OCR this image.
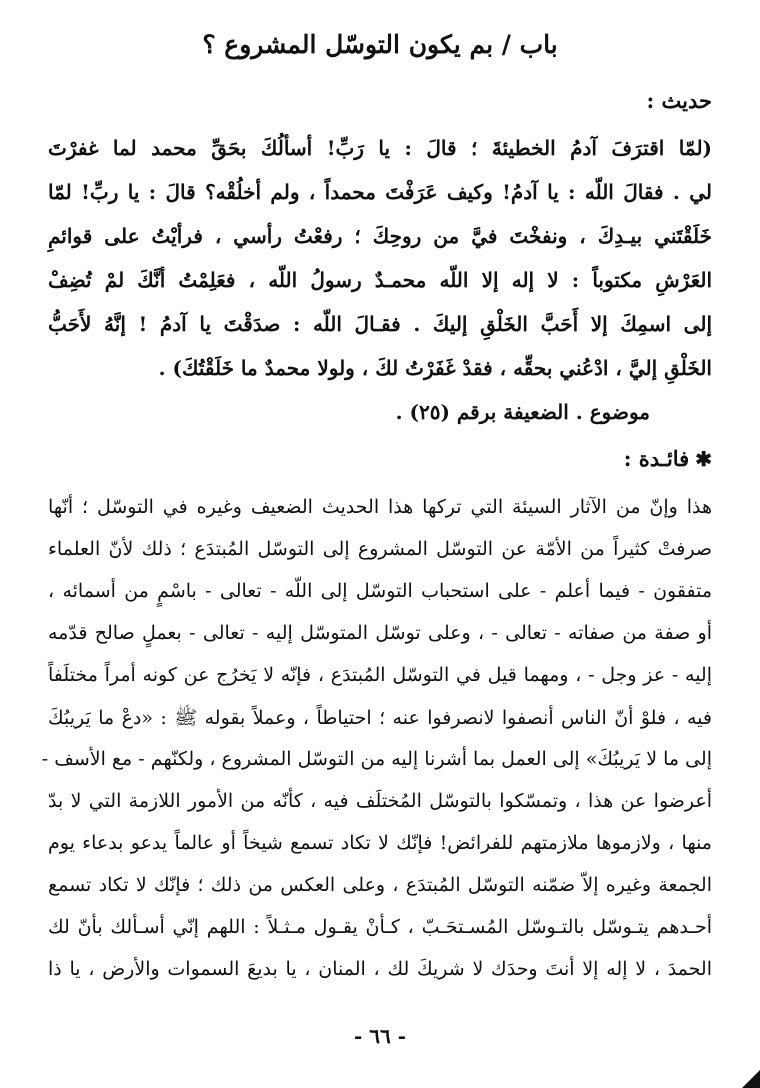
باب / بم يكون التوسّل المشروع ؟
حديث :
(لمّا اقترَفَ آدمُ الخطيئةَ ؛ قالَ : يا رَبِّ! أسألُكَ بحَقِّ محمد لما غفرْتَ
لي . فقالَ اللّه : يا آدمُ! وكيف عَرَفْتَ محمداً ، ولم أخلُقْه؟ قالَ : يا ربِّ! لمّا
خَلَقْتَني بيـدِكَ ، ونفخْتَ فيَّ من روحِكَ ؛ رفعْتُ رأسي ، فرأيْتُ على قوائمِ
العَرْشِ مكتوباً : لا إله إلا اللّه محمـدٌ رسولُ اللّه ، فعَلِمْتُ أنَّكَ لمْ تُضِفْ
إلى اسمِكَ إلا أَحَبَّ الخَلْقِ إليكَ . فقـالَ اللّه : صدَقْتَ يا آدمُ ! إنَّهُ لأَحَبُّ
الخَلْقِ إليَّ ، ادْعُني بحقِّه ، فقدْ غَفَرْتُ لكَ ، ولولا محمدٌ ما خَلَقْتُكَ) .
موضوع . الضعيفة برقم (٢٥) .
✱فائـدة :
هذا وإنّ من الآثار السيئة التي تركها هذا الحديث الضعيف وغيره في التوسّل ؛ أنّها
صرفتْ كثيراً من الأمّة عن التوسّل المشروع إلى التوسّل المُبتدَع ؛ ذلك لأنّ العلماء
متفقون - فيما أعلم - على استحباب التوسّل إلى اللّه - تعالى - باسْمٍ من أسمائه ،
أو صفة من صفاته - تعالى - ، وعلى توسّل المتوسّل إليه - تعالى - بعملٍ صالح قدّمه
إليه - عز وجل - ، ومهما قيل في التوسّل المُبتدَع ، فإنّه لا يَخرُج عن كونه أمراً مختلَفاً
فيه ، فلوْ أنّ الناس أنصفوا لانصرفوا عنه ؛ احتياطاً ، وعملاً بقوله ﷺ : «دعْ ما يَريبُكَ
إلى ما لا يَريبُكَ» إلى العمل بما أشرنا إليه من التوسّل المشروع ، ولكنّهم - مع الأسف -
أعرضوا عن هذا ، وتمسّكوا بالتوسّل المُختلَف فيه ، كأنّه من الأمور اللازمة التي لا بدّ
منها ، ولازموها ملازمتهم للفرائض! فإنّك لا تكاد تسمع شيخاً أو عالماً يدعو بدعاء يوم
الجمعة وغيره إلاّ ضمّنه التوسّل المُبتدَع ، وعلى العكس من ذلك ؛ فإنّك لا تكاد تسمع
أحـدهم يتـوسّل بالتـوسّل المُسـتحَـبّ ، كـأنْ يقـول مـثـلاً : اللهم إنّي أسـألك بأنّ لك
الحمدَ ، لا إله إلا أنتَ وحدَك لا شريكَ لك ، المنان ، يا بديعَ السموات والأرض ، يا ذا
- ٦٦ -
